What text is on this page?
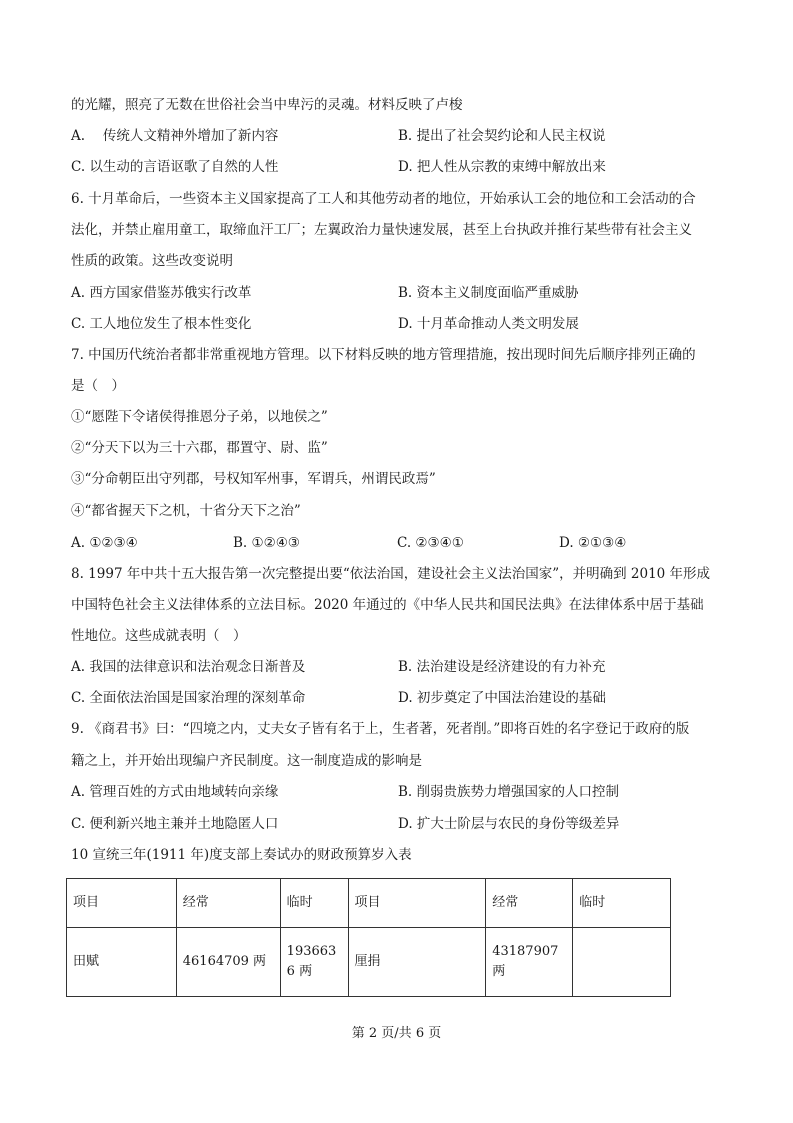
的光耀，照亮了无数在世俗社会当中卑污的灵魂。材料反映了卢梭
A.　 传统人文精神外增加了新内容	B. 提出了社会契约论和人民主权说
C. 以生动的言语讴歌了自然的人性	D. 把人性从宗教的束缚中解放出来
6. 十月革命后，一些资本主义国家提高了工人和其他劳动者的地位，开始承认工会的地位和工会活动的合
法化，并禁止雇用童工，取缔血汗工厂；左翼政治力量快速发展，甚至上台执政并推行某些带有社会主义
性质的政策。这些改变说明
A. 西方国家借鉴苏俄实行改革	B. 资本主义制度面临严重威胁
C. 工人地位发生了根本性变化	D. 十月革命推动人类文明发展
7. 中国历代统治者都非常重视地方管理。以下材料反映的地方管理措施，按出现时间先后顺序排列正确的
是（　）
①“愿陛下令诸侯得推恩分子弟，以地侯之”
②“分天下以为三十六郡，郡置守、尉、监”
③“分命朝臣出守列郡，号权知军州事，军谓兵，州谓民政焉”
④“都省握天下之机，十省分天下之治”
A. ①②③④	B. ①②④③	C. ②③④①	D. ②①③④
8. 1997 年中共十五大报告第一次完整提出要“依法治国，建设社会主义法治国家”，并明确到 2010 年形成
中国特色社会主义法律体系的立法目标。2020 年通过的《中华人民共和国民法典》在法律体系中居于基础
性地位。这些成就表明（　）
A. 我国的法律意识和法治观念日渐普及	B. 法治建设是经济建设的有力补充
C. 全面依法治国是国家治理的深刻革命	D. 初步奠定了中国法治建设的基础
9. 《商君书》曰：“四境之内，丈夫女子皆有名于上，生者著，死者削。”即将百姓的名字登记于政府的版
籍之上，并开始出现编户齐民制度。这一制度造成的影响是
A. 管理百姓的方式由地域转向亲缘	B. 削弱贵族势力增强国家的人口控制
C. 便利新兴地主兼并土地隐匿人口	D. 扩大士阶层与农民的身份等级差异
10 宣统三年(1911 年)度支部上奏试办的财政预算岁入表
项目	经常	临时	项目	经常	临时
田赋	46164709 两	1936636 两	厘捐	43187907 两	
第 2 页/共 6 页
